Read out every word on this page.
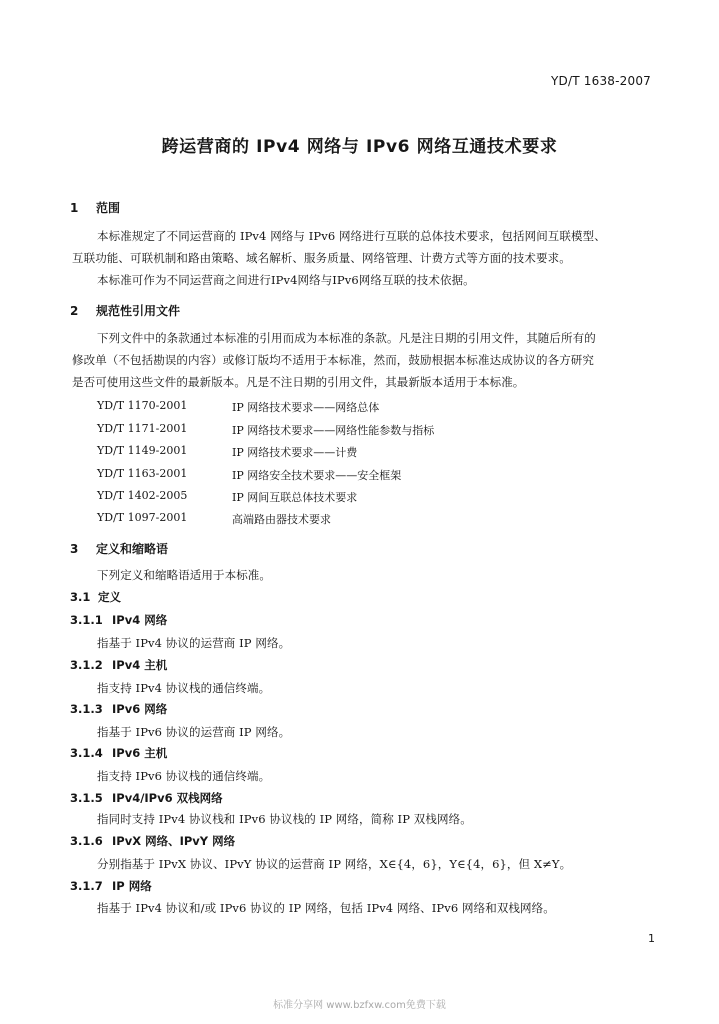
YD/T 1638-2007
跨运营商的 IPv4 网络与 IPv6 网络互通技术要求
1 范围
本标准规定了不同运营商的 IPv4 网络与 IPv6 网络进行互联的总体技术要求，包括网间互联模型、
互联功能、可联机制和路由策略、域名解析、服务质量、网络管理、计费方式等方面的技术要求。
本标准可作为不同运营商之间进行IPv4网络与IPv6网络互联的技术依据。
2 规范性引用文件
下列文件中的条款通过本标准的引用而成为本标准的条款。凡是注日期的引用文件，其随后所有的
修改单（不包括勘误的内容）或修订版均不适用于本标准，然而，鼓励根据本标准达成协议的各方研究
是否可使用这些文件的最新版本。凡是不注日期的引用文件，其最新版本适用于本标准。
YD/T 1170-2001	IP 网络技术要求——网络总体
YD/T 1171-2001	IP 网络技术要求——网络性能参数与指标
YD/T 1149-2001	IP 网络技术要求——计费
YD/T 1163-2001	IP 网络安全技术要求——安全框架
YD/T 1402-2005	IP 网间互联总体技术要求
YD/T 1097-2001	高端路由器技术要求
3 定义和缩略语
下列定义和缩略语适用于本标准。
3.1 定义
3.1.1 IPv4 网络
指基于 IPv4 协议的运营商 IP 网络。
3.1.2 IPv4 主机
指支持 IPv4 协议栈的通信终端。
3.1.3 IPv6 网络
指基于 IPv6 协议的运营商 IP 网络。
3.1.4 IPv6 主机
指支持 IPv6 协议栈的通信终端。
3.1.5 IPv4/IPv6 双栈网络
指同时支持 IPv4 协议栈和 IPv6 协议栈的 IP 网络，简称 IP 双栈网络。
3.1.6 IPvX 网络、IPvY 网络
分别指基于 IPvX 协议、IPvY 协议的运营商 IP 网络，X∈{4，6}，Y∈{4，6}，但 X≠Y。
3.1.7 IP 网络
指基于 IPv4 协议和/或 IPv6 协议的 IP 网络，包括 IPv4 网络、IPv6 网络和双栈网络。
1
标准分享网 www.bzfxw.com免费下载
